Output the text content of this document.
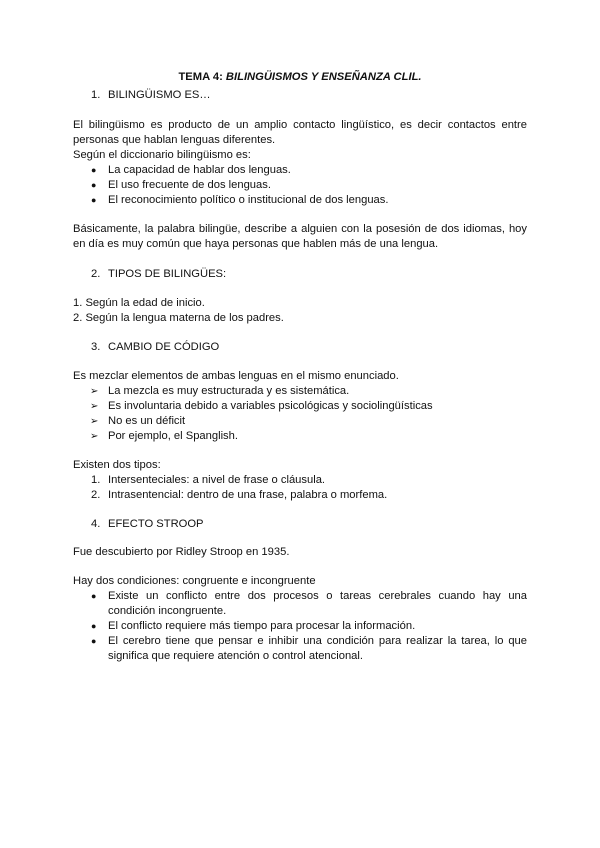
TEMA 4: BILINGÜISMOS Y ENSEÑANZA CLIL.
1. BILINGÜISMO ES…

El bilingüismo es producto de un amplio contacto lingüístico, es decir contactos entre personas que hablan lenguas diferentes.

Según el diccionario bilingüismo es:
● La capacidad de hablar dos lenguas.
● El uso frecuente de dos lenguas.
● El reconocimiento político o institucional de dos lenguas.

Básicamente, la palabra bilingüe, describe a alguien con la posesión de dos idiomas, hoy en día es muy común que haya personas que hablen más de una lengua.

2. TIPOS DE BILINGÜES:
1. Según la edad de inicio.
2. Según la lengua materna de los padres.
3. CAMBIO DE CÓDIGO
Es mezclar elementos de ambas lenguas en el mismo enunciado.
➢ La mezcla es muy estructurada y es sistemática.
➢ Es involuntaria debido a variables psicológicas y sociolingüísticas
➢ No es un déficit
➢ Por ejemplo, el Spanglish.
Existen dos tipos:
1. Intersenteciales: a nivel de frase o cláusula.
2. Intrasentencial: dentro de una frase, palabra o morfema.
4. EFECTO STROOP
Fue descubierto por Ridley Stroop en 1935.
Hay dos condiciones: congruente e incongruente
● Existe un conflicto entre dos procesos o tareas cerebrales cuando hay una condición incongruente.

● El conflicto requiere más tiempo para procesar la información.
● El cerebro tiene que pensar e inhibir una condición para realizar la tarea, lo que significa que requiere atención o control atencional.
